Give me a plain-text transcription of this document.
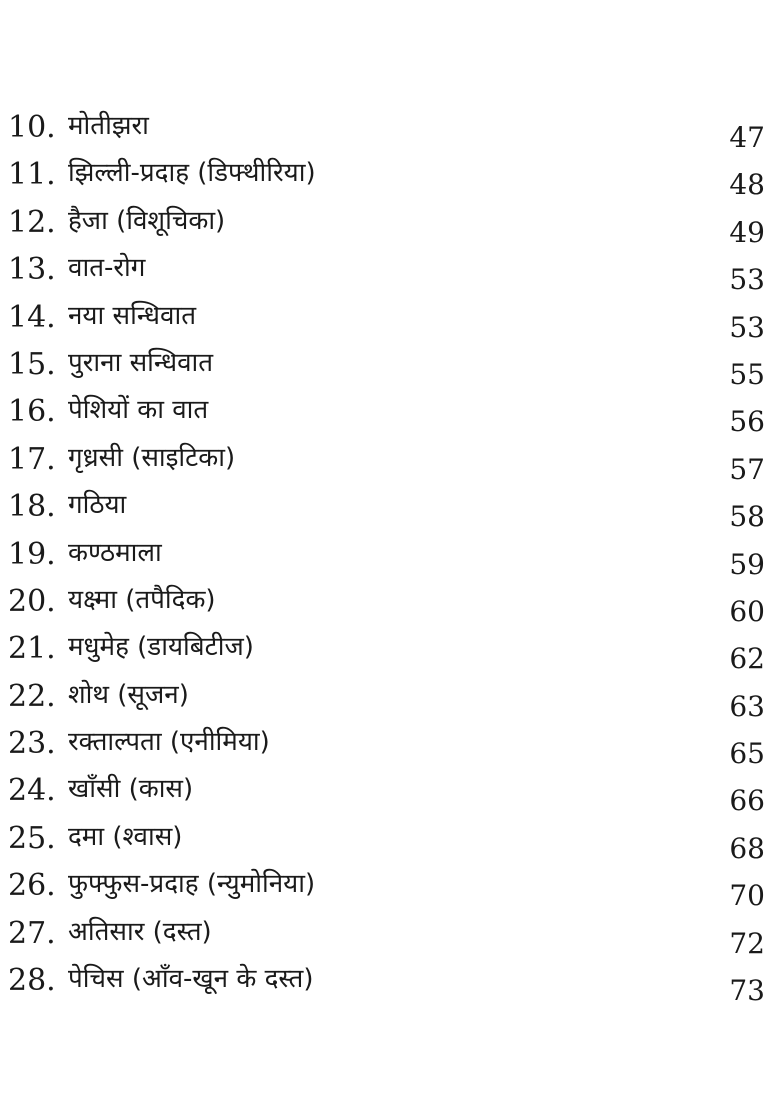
10. मोतीझरा	47
11. झिल्ली-प्रदाह (डिफ्थीरिया)	48
12. हैजा (विशूचिका)	49
13. वात-रोग	53
14. नया सन्धिवात	53
15. पुराना सन्धिवात	55
16. पेशियों का वात	56
17. गृध्रसी (साइटिका)	57
18. गठिया	58
19. कण्ठमाला	59
20. यक्ष्मा (तपैदिक)	60
21. मधुमेह (डायबिटीज)	62
22. शोथ (सूजन)	63
23. रक्ताल्पता (एनीमिया)	65
24. खाँसी (कास)	66
25. दमा (श्वास)	68
26. फुफ्फुस-प्रदाह (न्युमोनिया)	70
27. अतिसार (दस्त)	72
28. पेचिस (आँव-खून के दस्त)	73
